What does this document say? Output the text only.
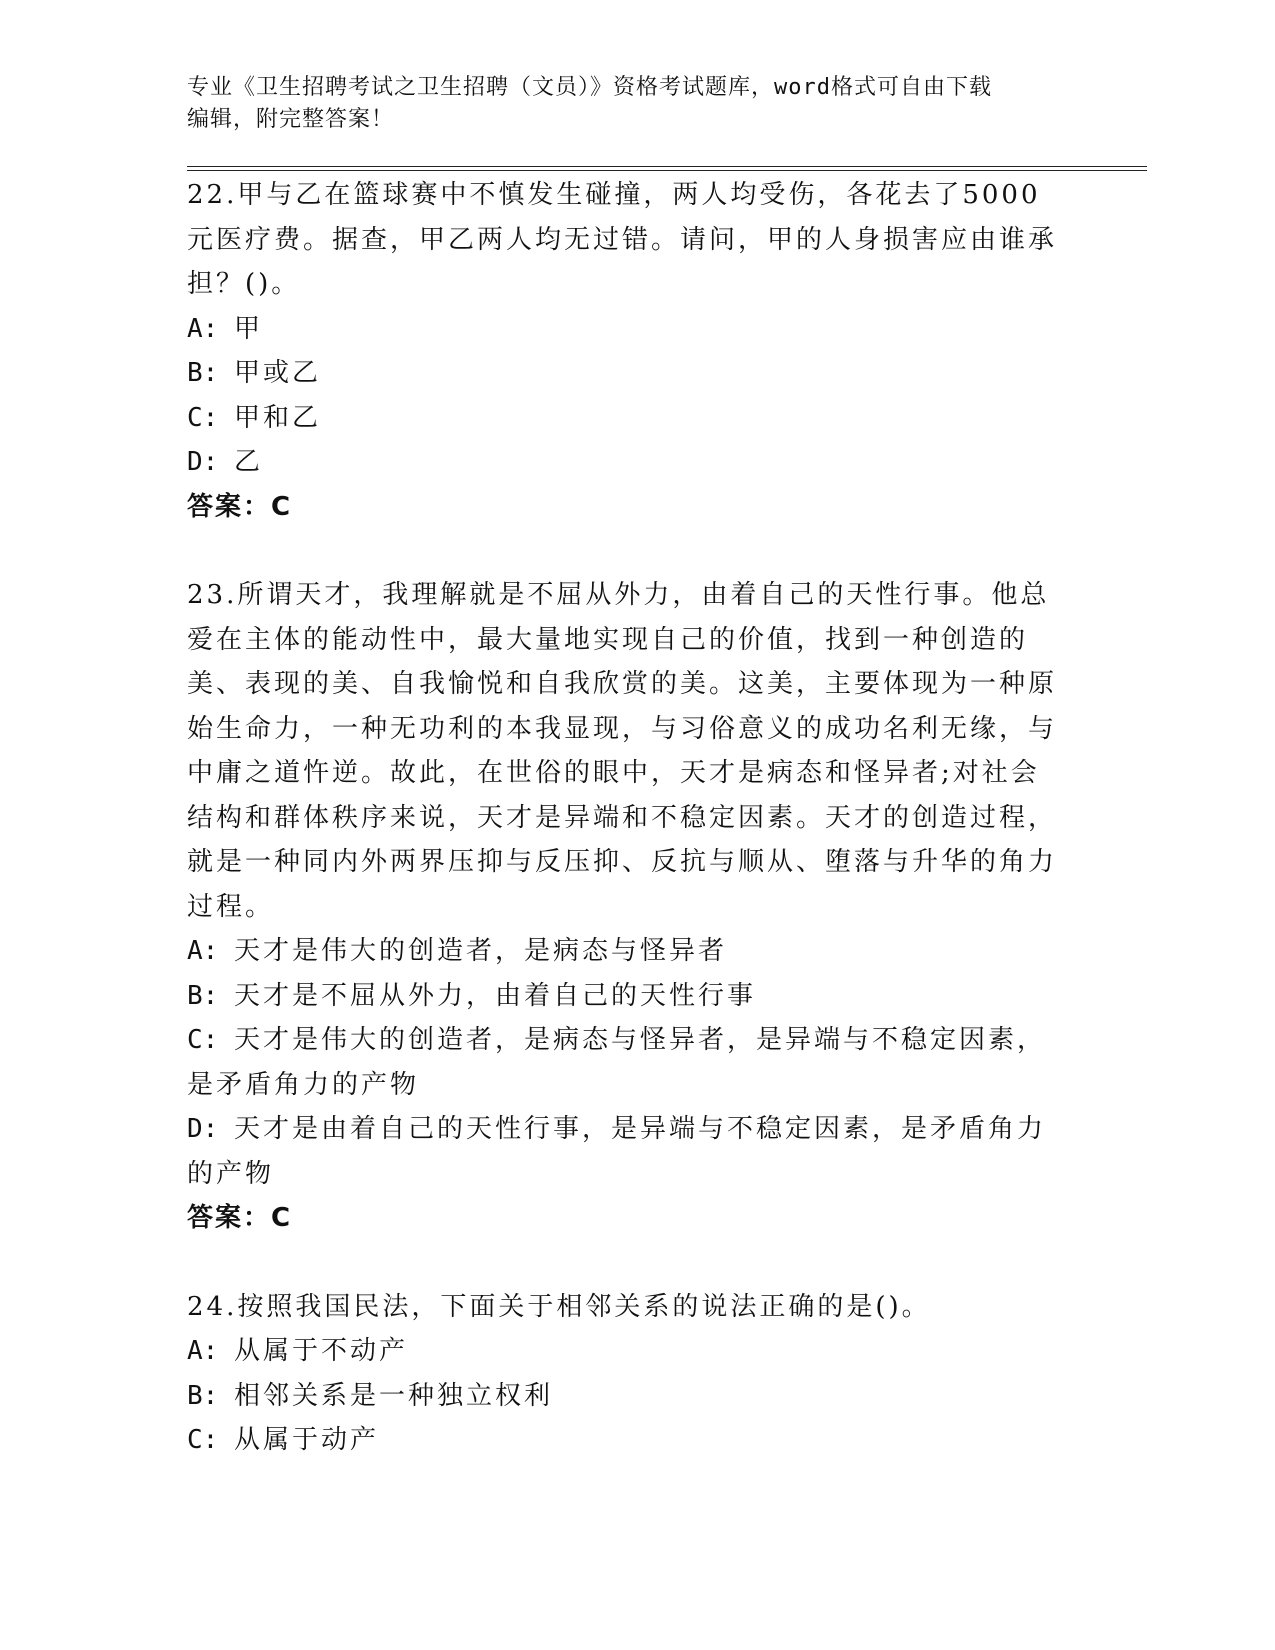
专业《卫生招聘考试之卫生招聘（文员）》资格考试题库，word格式可自由下载

编辑，附完整答案！

22.甲与乙在篮球赛中不慎发生碰撞，两人均受伤，各花去了5000元医疗费。据查，甲乙两人均无过错。请问，甲的人身损害应由谁承担？()。

A: 甲

B: 甲或乙

C: 甲和乙

D: 乙

答案：C

23.所谓天才，我理解就是不屈从外力，由着自己的天性行事。他总爱在主体的能动性中，最大量地实现自己的价值，找到一种创造的美、表现的美、自我愉悦和自我欣赏的美。这美，主要体现为一种原始生命力，一种无功利的本我显现，与习俗意义的成功名利无缘，与中庸之道忤逆。故此，在世俗的眼中，天才是病态和怪异者;对社会结构和群体秩序来说，天才是异端和不稳定因素。天才的创造过程，就是一种同内外两界压抑与反压抑、反抗与顺从、堕落与升华的角力过程。

A: 天才是伟大的创造者，是病态与怪异者

B: 天才是不屈从外力，由着自己的天性行事

C: 天才是伟大的创造者，是病态与怪异者，是异端与不稳定因素，是矛盾角力的产物

D: 天才是由着自己的天性行事，是异端与不稳定因素，是矛盾角力的产物

答案：C

24.按照我国民法，下面关于相邻关系的说法正确的是()。

A: 从属于不动产

B: 相邻关系是一种独立权利

C: 从属于动产
